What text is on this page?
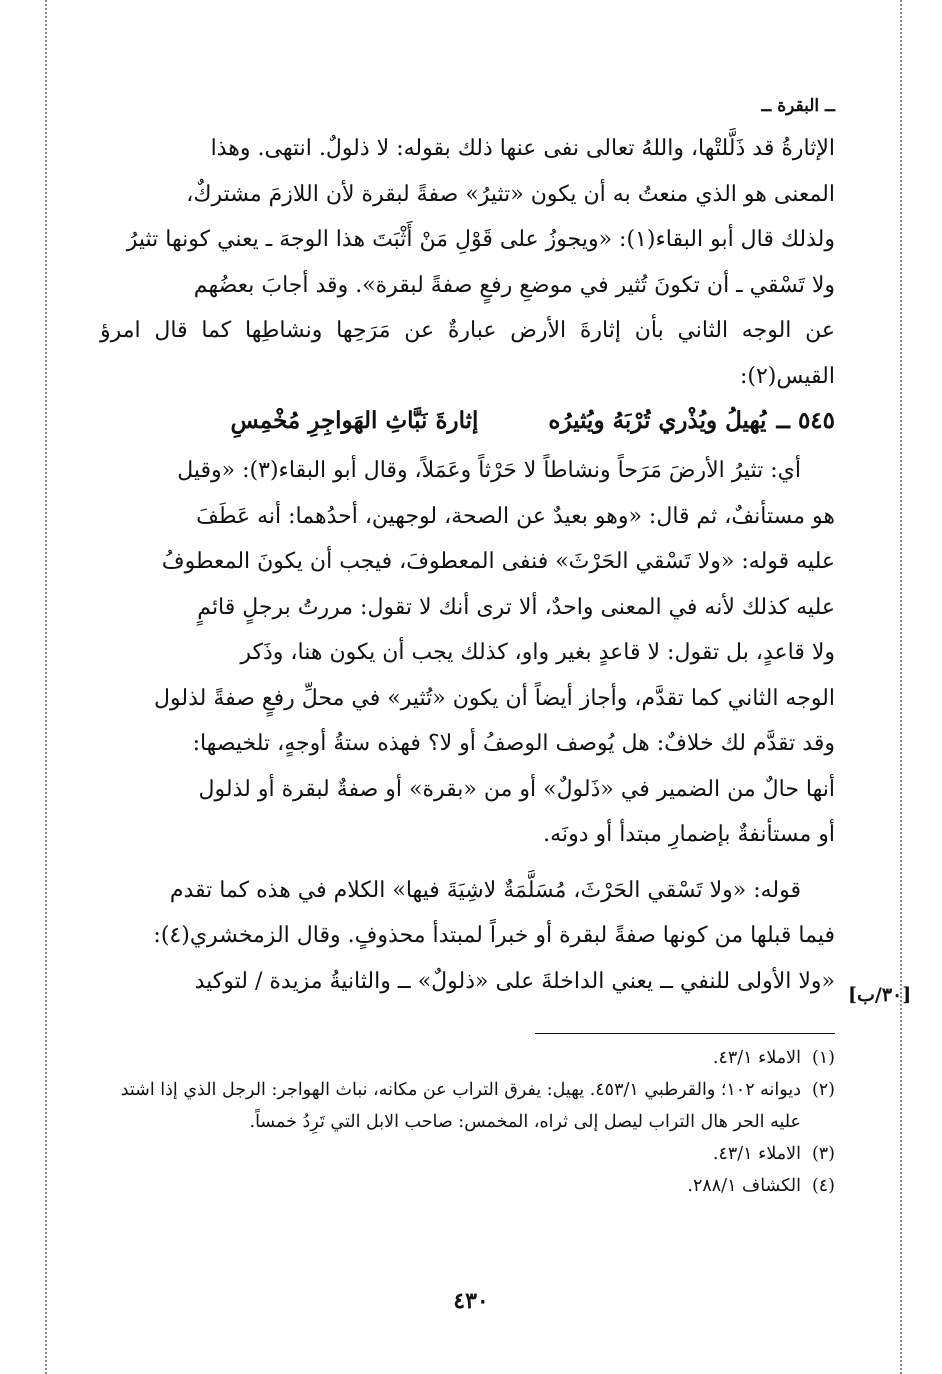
ــ البقرة ــ

الإثارةُ قد ذَلَّلتْها، واللهُ تعالى نفى عنها ذلك بقوله: لا ذلولٌ. انتهى. وهذا

المعنى هو الذي منعتُ به أن يكون «تثيرُ» صفةً لبقرة لأن اللازمَ مشتركٌ،

ولذلك قال أبو البقاء(١): «ويجوزُ على قَوْلِ مَنْ أَثْبَتَ هذا الوجهَ ـ يعني كونها تثيرُ

ولا تَسْقي ـ أن تكونَ تُثير في موضعِ رفعٍ صفةً لبقرة». وقد أجابَ بعضُهم

عن الوجه الثاني بأن إثارةَ الأرض عبارةٌ عن مَرَحِها ونشاطِها كما قال امرؤ القيس(٢):

٥٤٥ ــ
يُهيلُ ويُذْري تُرْبَهُ ويُثيرُه
إثارةَ نَبَّاثِ الهَواجِرِ مُخْمِسِ

أي: تثيرُ الأرضَ مَرَحاً ونشاطاً لا حَرْثاً وعَمَلاً، وقال أبو البقاء(٣): «وقيل

هو مستأنفٌ، ثم قال: «وهو بعيدٌ عن الصحة، لوجهين، أحدُهما: أنه عَطَفَ

عليه قوله: «ولا تَسْقي الحَرْثَ» فنفى المعطوفَ، فيجب أن يكونَ المعطوفُ

عليه كذلك لأنه في المعنى واحدٌ، ألا ترى أنك لا تقول: مررتُ برجلٍ قائمٍ

ولا قاعدٍ، بل تقول: لا قاعدٍ بغير واو، كذلك يجب أن يكون هنا، وذَكر

الوجه الثاني كما تقدَّم، وأجاز أيضاً أن يكون «تُثير» في محلِّ رفعٍ صفةً لذلول

وقد تقدَّم لك خلافٌ: هل يُوصف الوصفُ أو لا؟ فهذه ستةُ أوجهٍ، تلخيصها:

أنها حالٌ من الضمير في «ذَلولٌ» أو من «بقرة» أو صفةٌ لبقرة أو لذلول

أو مستأنفةٌ بإضمارِ مبتدأ أو دونَه.

قوله: «ولا تَسْقي الحَرْثَ، مُسَلَّمَةٌ لاشِيَةَ فيها» الكلام في هذه كما تقدم

فيما قبلها من كونها صفةً لبقرة أو خبراً لمبتدأ محذوفٍ. وقال الزمخشري(٤):

«ولا الأولى للنفي ــ يعني الداخلةَ على «ذلولٌ» ــ والثانيةُ مزيدة / لتوكيد

[٣٠/ب]
(١)
الاملاء ٤٣/١.
(٢)
ديوانه ١٠٢؛ والقرطبي ٤٥٣/١. يهيل: يفرق التراب عن مكانه، نباث الهواجر: الرجل الذي إذا اشتد عليه الحر هال التراب ليصل إلى ثراه، المخمس: صاحب الابل التي تَرِدُ خمساً.
(٣)
الاملاء ٤٣/١.
(٤)
الكشاف ٢٨٨/١.
٤٣٠
